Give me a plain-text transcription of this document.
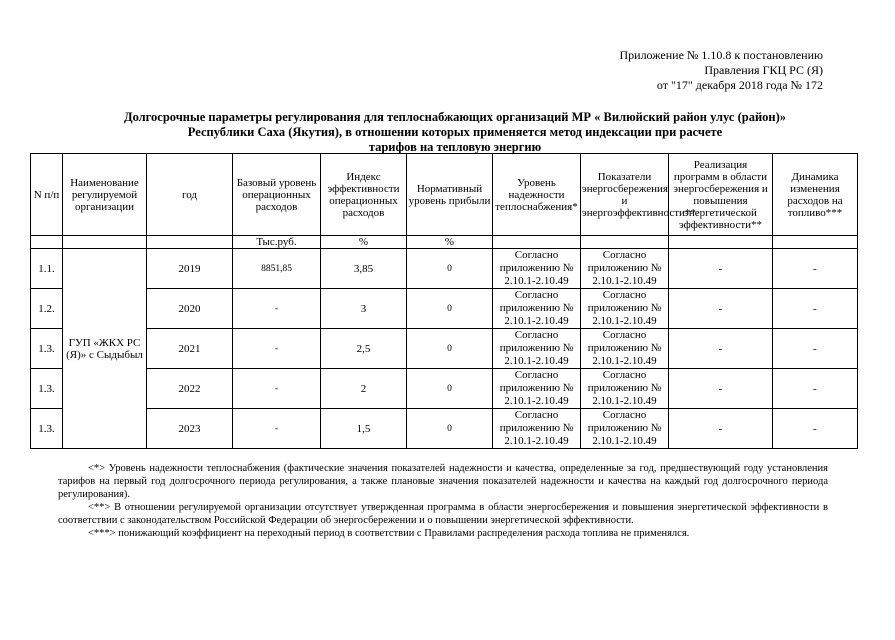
Приложение № 1.10.8 к постановлению
Правления ГКЦ РС (Я)
от "17" декабря 2018 года № 172
Долгосрочные параметры регулирования для теплоснабжающих организаций МР « Вилюйский район улус (район)»
Республики Саха (Якутия), в отношении которых применяется метод индексации при расчете
тарифов на тепловую энергию
N п/п	Наименование регулируемой организации	год	Базовый уровень операционных расходов	Индекс эффективности операционных расходов	Нормативный уровень прибыли	Уровень надежности теплоснабжения*	Показатели энергосбережения и энергоэффективности**	Реализация программ в области энергосбережения и повышения энергетической эффективности**	Динамика изменения расходов на топливо***
			Тыс.руб.	%	%				
1.1.	ГУП «ЖКХ РС (Я)» с Сыдыбыл	2019	8851,85	3,85	0	Согласно приложению № 2.10.1-2.10.49	Согласно приложению № 2.10.1-2.10.49	-	-
1.2.		2020	-	3	0	Согласно приложению № 2.10.1-2.10.49	Согласно приложению № 2.10.1-2.10.49	-	-
1.3.		2021	-	2,5	0	Согласно приложению № 2.10.1-2.10.49	Согласно приложению № 2.10.1-2.10.49	-	-
1.3.		2022	-	2	0	Согласно приложению № 2.10.1-2.10.49	Согласно приложению № 2.10.1-2.10.49	-	-
1.3.		2023	-	1,5	0	Согласно приложению № 2.10.1-2.10.49	Согласно приложению № 2.10.1-2.10.49	-	-

<*> Уровень надежности теплоснабжения (фактические значения показателей надежности и качества, определенные за год, предшествующий году установления тарифов на первый год долгосрочного периода регулирования, а также плановые значения показателей надежности и качества на каждый год долгосрочного периода регулирования).

<**> В отношении регулируемой организации отсутствует утвержденная программа в области энергосбережения и повышения энергетической эффективности в соответствии с законодательством Российской Федерации об энергосбережении и о повышении энергетической эффективности.

<***> понижающий коэффициент на переходный период в соответствии с Правилами распределения расхода топлива не применялся.
